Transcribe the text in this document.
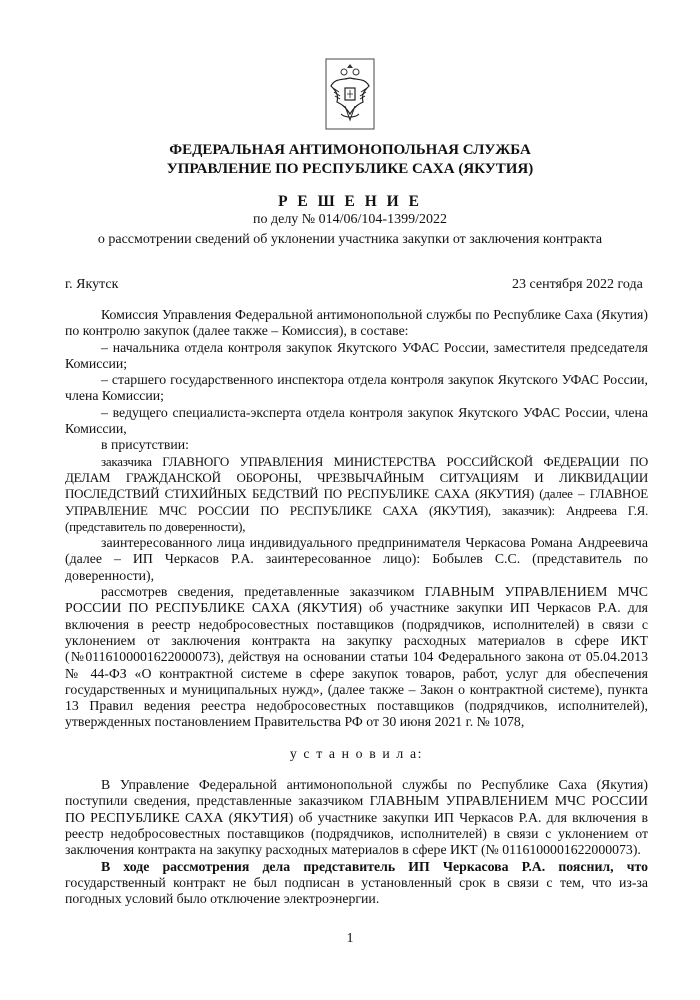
ФЕДЕРАЛЬНАЯ АНТИМОНОПОЛЬНАЯ СЛУЖБА
УПРАВЛЕНИЕ ПО РЕСПУБЛИКЕ САХА (ЯКУТИЯ)
Р Е Ш Е Н И Е
по делу № 014/06/104-1399/2022
о рассмотрении сведений об уклонении участника закупки от заключения контракта
г. Якутск	23 сентября 2022 года

Комиссия Управления Федеральной антимонопольной службы по Республике Саха (Якутия) по контролю закупок (далее также – Комиссия), в составе:

– начальника отдела контроля закупок Якутского УФАС России, заместителя председателя Комиссии;

– старшего государственного инспектора отдела контроля закупок Якутского УФАС России, члена Комиссии;

– ведущего специалиста-эксперта отдела контроля закупок Якутского УФАС России, члена Комиссии,

в присутствии:

заказчика ГЛАВНОГО УПРАВЛЕНИЯ МИНИСТЕРСТВА РОССИЙСКОЙ ФЕДЕРАЦИИ ПО ДЕЛАМ ГРАЖДАНСКОЙ ОБОРОНЫ, ЧРЕЗВЫЧАЙНЫМ СИТУАЦИЯМ И ЛИКВИДАЦИИ ПОСЛЕДСТВИЙ СТИХИЙНЫХ БЕДСТВИЙ ПО РЕСПУБЛИКЕ САХА (ЯКУТИЯ) (далее – ГЛАВНОЕ УПРАВЛЕНИЕ МЧС РОССИИ ПО РЕСПУБЛИКЕ САХА (ЯКУТИЯ), заказчик): Андреева Г.Я. (представитель по доверенности),

заинтересованного лица индивидуального предпринимателя Черкасова Романа Андреевича (далее – ИП Черкасов Р.А. заинтересованное лицо): Бобылев С.С. (представитель по доверенности),

рассмотрев сведения, предетавленные заказчиком ГЛАВНЫМ УПРАВЛЕНИЕМ МЧС РОССИИ ПО РЕСПУБЛИКЕ САХА (ЯКУТИЯ) об участнике закупки ИП Черкасов Р.А. для включения в реестр недобросовестных поставщиков (подрядчиков, исполнителей) в связи с уклонением от заключения контракта на закупку расходных материалов в сфере ИКТ (№0116100001622000073), действуя на основании статьи 104 Федерального закона от 05.04.2013 № 44-ФЗ «О контрактной системе в сфере закупок товаров, работ, услуг для обеспечения государственных и муниципальных нужд», (далее также – Закон о контрактной системе), пункта 13 Правил ведения реестра недобросовестных поставщиков (подрядчиков, исполнителей), утвержденных постановлением Правительства РФ от 30 июня 2021 г. № 1078,

у с т а н о в и л а:

В Управление Федеральной антимонопольной службы по Республике Саха (Якутия) поступили сведения, представленные заказчиком ГЛАВНЫМ УПРАВЛЕНИЕМ МЧС РОССИИ ПО РЕСПУБЛИКЕ САХА (ЯКУТИЯ) об участнике закупки ИП Черкасов Р.А. для включения в реестр недобросовестных поставщиков (подрядчиков, исполнителей) в связи с уклонением от заключения контракта на закупку расходных материалов в сфере ИКТ (№ 0116100001622000073).

В ходе рассмотрения дела представитель ИП Черкасова Р.А. пояснил, что государственный контракт не был подписан в установленный срок в связи с тем, что из-за погодных условий было отключение электроэнергии.

1
